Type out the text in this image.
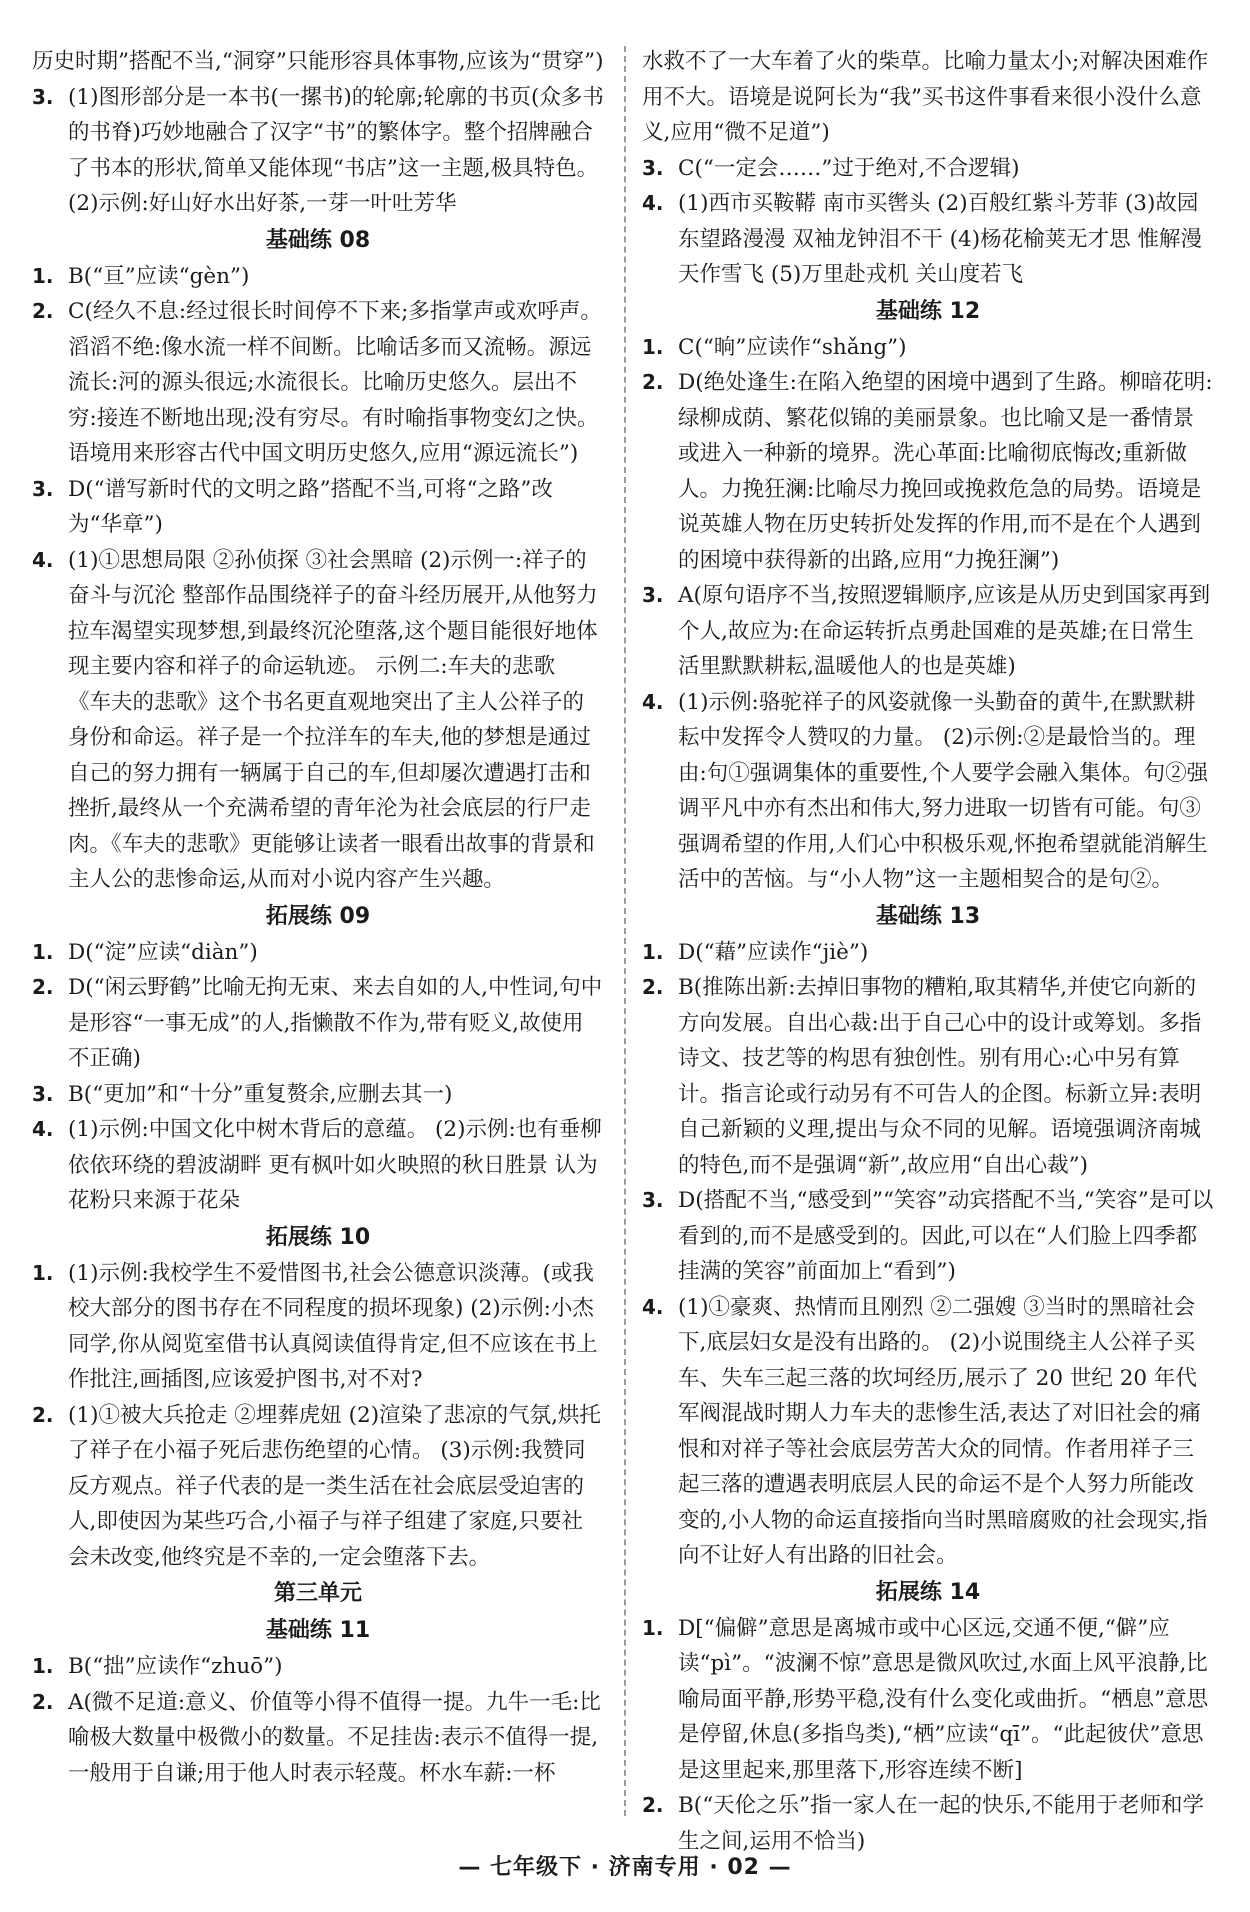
历史时期”搭配不当,“洞穿”只能形容具体事物,应该为“贯穿”)
3. (1)图形部分是一本书(一摞书)的轮廓;轮廓的书页(众多书的书脊)巧妙地融合了汉字“书”的繁体字。整个招牌融合了书本的形状,简单又能体现“书店”这一主题,极具特色。 (2)示例:好山好水出好茶,一芽一叶吐芳华
基础练 08
1. B(“亘”应读“gèn”)
2. C(经久不息:经过很长时间停不下来;多指掌声或欢呼声。滔滔不绝:像水流一样不间断。比喻话多而又流畅。源远流长:河的源头很远;水流很长。比喻历史悠久。层出不穷:接连不断地出现;没有穷尽。有时喻指事物变幻之快。语境用来形容古代中国文明历史悠久,应用“源远流长”)
3. D(“谱写新时代的文明之路”搭配不当,可将“之路”改为“华章”)
4. (1)①思想局限 ②孙侦探 ③社会黑暗 (2)示例一:祥子的奋斗与沉沦 整部作品围绕祥子的奋斗经历展开,从他努力拉车渴望实现梦想,到最终沉沦堕落,这个题目能很好地体现主要内容和祥子的命运轨迹。 示例二:车夫的悲歌 《车夫的悲歌》这个书名更直观地突出了主人公祥子的身份和命运。祥子是一个拉洋车的车夫,他的梦想是通过自己的努力拥有一辆属于自己的车,但却屡次遭遇打击和挫折,最终从一个充满希望的青年沦为社会底层的行尸走肉。《车夫的悲歌》更能够让读者一眼看出故事的背景和主人公的悲惨命运,从而对小说内容产生兴趣。
拓展练 09
1. D(“淀”应读“diàn”)
2. D(“闲云野鹤”比喻无拘无束、来去自如的人,中性词,句中是形容“一事无成”的人,指懒散不作为,带有贬义,故使用不正确)
3. B(“更加”和“十分”重复赘余,应删去其一)
4. (1)示例:中国文化中树木背后的意蕴。 (2)示例:也有垂柳依依环绕的碧波湖畔 更有枫叶如火映照的秋日胜景 认为花粉只来源于花朵
拓展练 10
1. (1)示例:我校学生不爱惜图书,社会公德意识淡薄。(或我校大部分的图书存在不同程度的损坏现象) (2)示例:小杰同学,你从阅览室借书认真阅读值得肯定,但不应该在书上作批注,画插图,应该爱护图书,对不对?
2. (1)①被大兵抢走 ②埋葬虎妞 (2)渲染了悲凉的气氛,烘托了祥子在小福子死后悲伤绝望的心情。 (3)示例:我赞同反方观点。祥子代表的是一类生活在社会底层受迫害的人,即使因为某些巧合,小福子与祥子组建了家庭,只要社会未改变,他终究是不幸的,一定会堕落下去。
第三单元
基础练 11
1. B(“拙”应读作“zhuō”)
2. A(微不足道:意义、价值等小得不值得一提。九牛一毛:比喻极大数量中极微小的数量。不足挂齿:表示不值得一提,一般用于自谦;用于他人时表示轻蔑。杯水车薪:一杯
水救不了一大车着了火的柴草。比喻力量太小;对解决困难作用不大。语境是说阿长为“我”买书这件事看来很小没什么意义,应用“微不足道”)
3. C(“一定会……”过于绝对,不合逻辑)
4. (1)西市买鞍鞯 南市买辔头 (2)百般红紫斗芳菲 (3)故园东望路漫漫 双袖龙钟泪不干 (4)杨花榆荚无才思 惟解漫天作雪飞 (5)万里赴戎机 关山度若飞
基础练 12
1. C(“晌”应读作“shǎng”)
2. D(绝处逢生:在陷入绝望的困境中遇到了生路。柳暗花明:绿柳成荫、繁花似锦的美丽景象。也比喻又是一番情景或进入一种新的境界。洗心革面:比喻彻底悔改;重新做人。力挽狂澜:比喻尽力挽回或挽救危急的局势。语境是说英雄人物在历史转折处发挥的作用,而不是在个人遇到的困境中获得新的出路,应用“力挽狂澜”)
3. A(原句语序不当,按照逻辑顺序,应该是从历史到国家再到个人,故应为:在命运转折点勇赴国难的是英雄;在日常生活里默默耕耘,温暖他人的也是英雄)
4. (1)示例:骆驼祥子的风姿就像一头勤奋的黄牛,在默默耕耘中发挥令人赞叹的力量。 (2)示例:②是最恰当的。理由:句①强调集体的重要性,个人要学会融入集体。句②强调平凡中亦有杰出和伟大,努力进取一切皆有可能。句③强调希望的作用,人们心中积极乐观,怀抱希望就能消解生活中的苦恼。与“小人物”这一主题相契合的是句②。
基础练 13
1. D(“藉”应读作“jiè”)
2. B(推陈出新:去掉旧事物的糟粕,取其精华,并使它向新的方向发展。自出心裁:出于自己心中的设计或筹划。多指诗文、技艺等的构思有独创性。别有用心:心中另有算计。指言论或行动另有不可告人的企图。标新立异:表明自己新颖的义理,提出与众不同的见解。语境强调济南城的特色,而不是强调“新”,故应用“自出心裁”)
3. D(搭配不当,“感受到”“笑容”动宾搭配不当,“笑容”是可以看到的,而不是感受到的。因此,可以在“人们脸上四季都挂满的笑容”前面加上“看到”)
4. (1)①豪爽、热情而且刚烈 ②二强嫂 ③当时的黑暗社会下,底层妇女是没有出路的。 (2)小说围绕主人公祥子买车、失车三起三落的坎坷经历,展示了 20 世纪 20 年代军阀混战时期人力车夫的悲惨生活,表达了对旧社会的痛恨和对祥子等社会底层劳苦大众的同情。作者用祥子三起三落的遭遇表明底层人民的命运不是个人努力所能改变的,小人物的命运直接指向当时黑暗腐败的社会现实,指向不让好人有出路的旧社会。
拓展练 14
1. D[“偏僻”意思是离城市或中心区远,交通不便,“僻”应读“pì”。“波澜不惊”意思是微风吹过,水面上风平浪静,比喻局面平静,形势平稳,没有什么变化或曲折。“栖息”意思是停留,休息(多指鸟类),“栖”应读“qī”。“此起彼伏”意思是这里起来,那里落下,形容连续不断]
2. B(“天伦之乐”指一家人在一起的快乐,不能用于老师和学生之间,运用不恰当)
— 七年级下 · 济南专用 · 02 —
